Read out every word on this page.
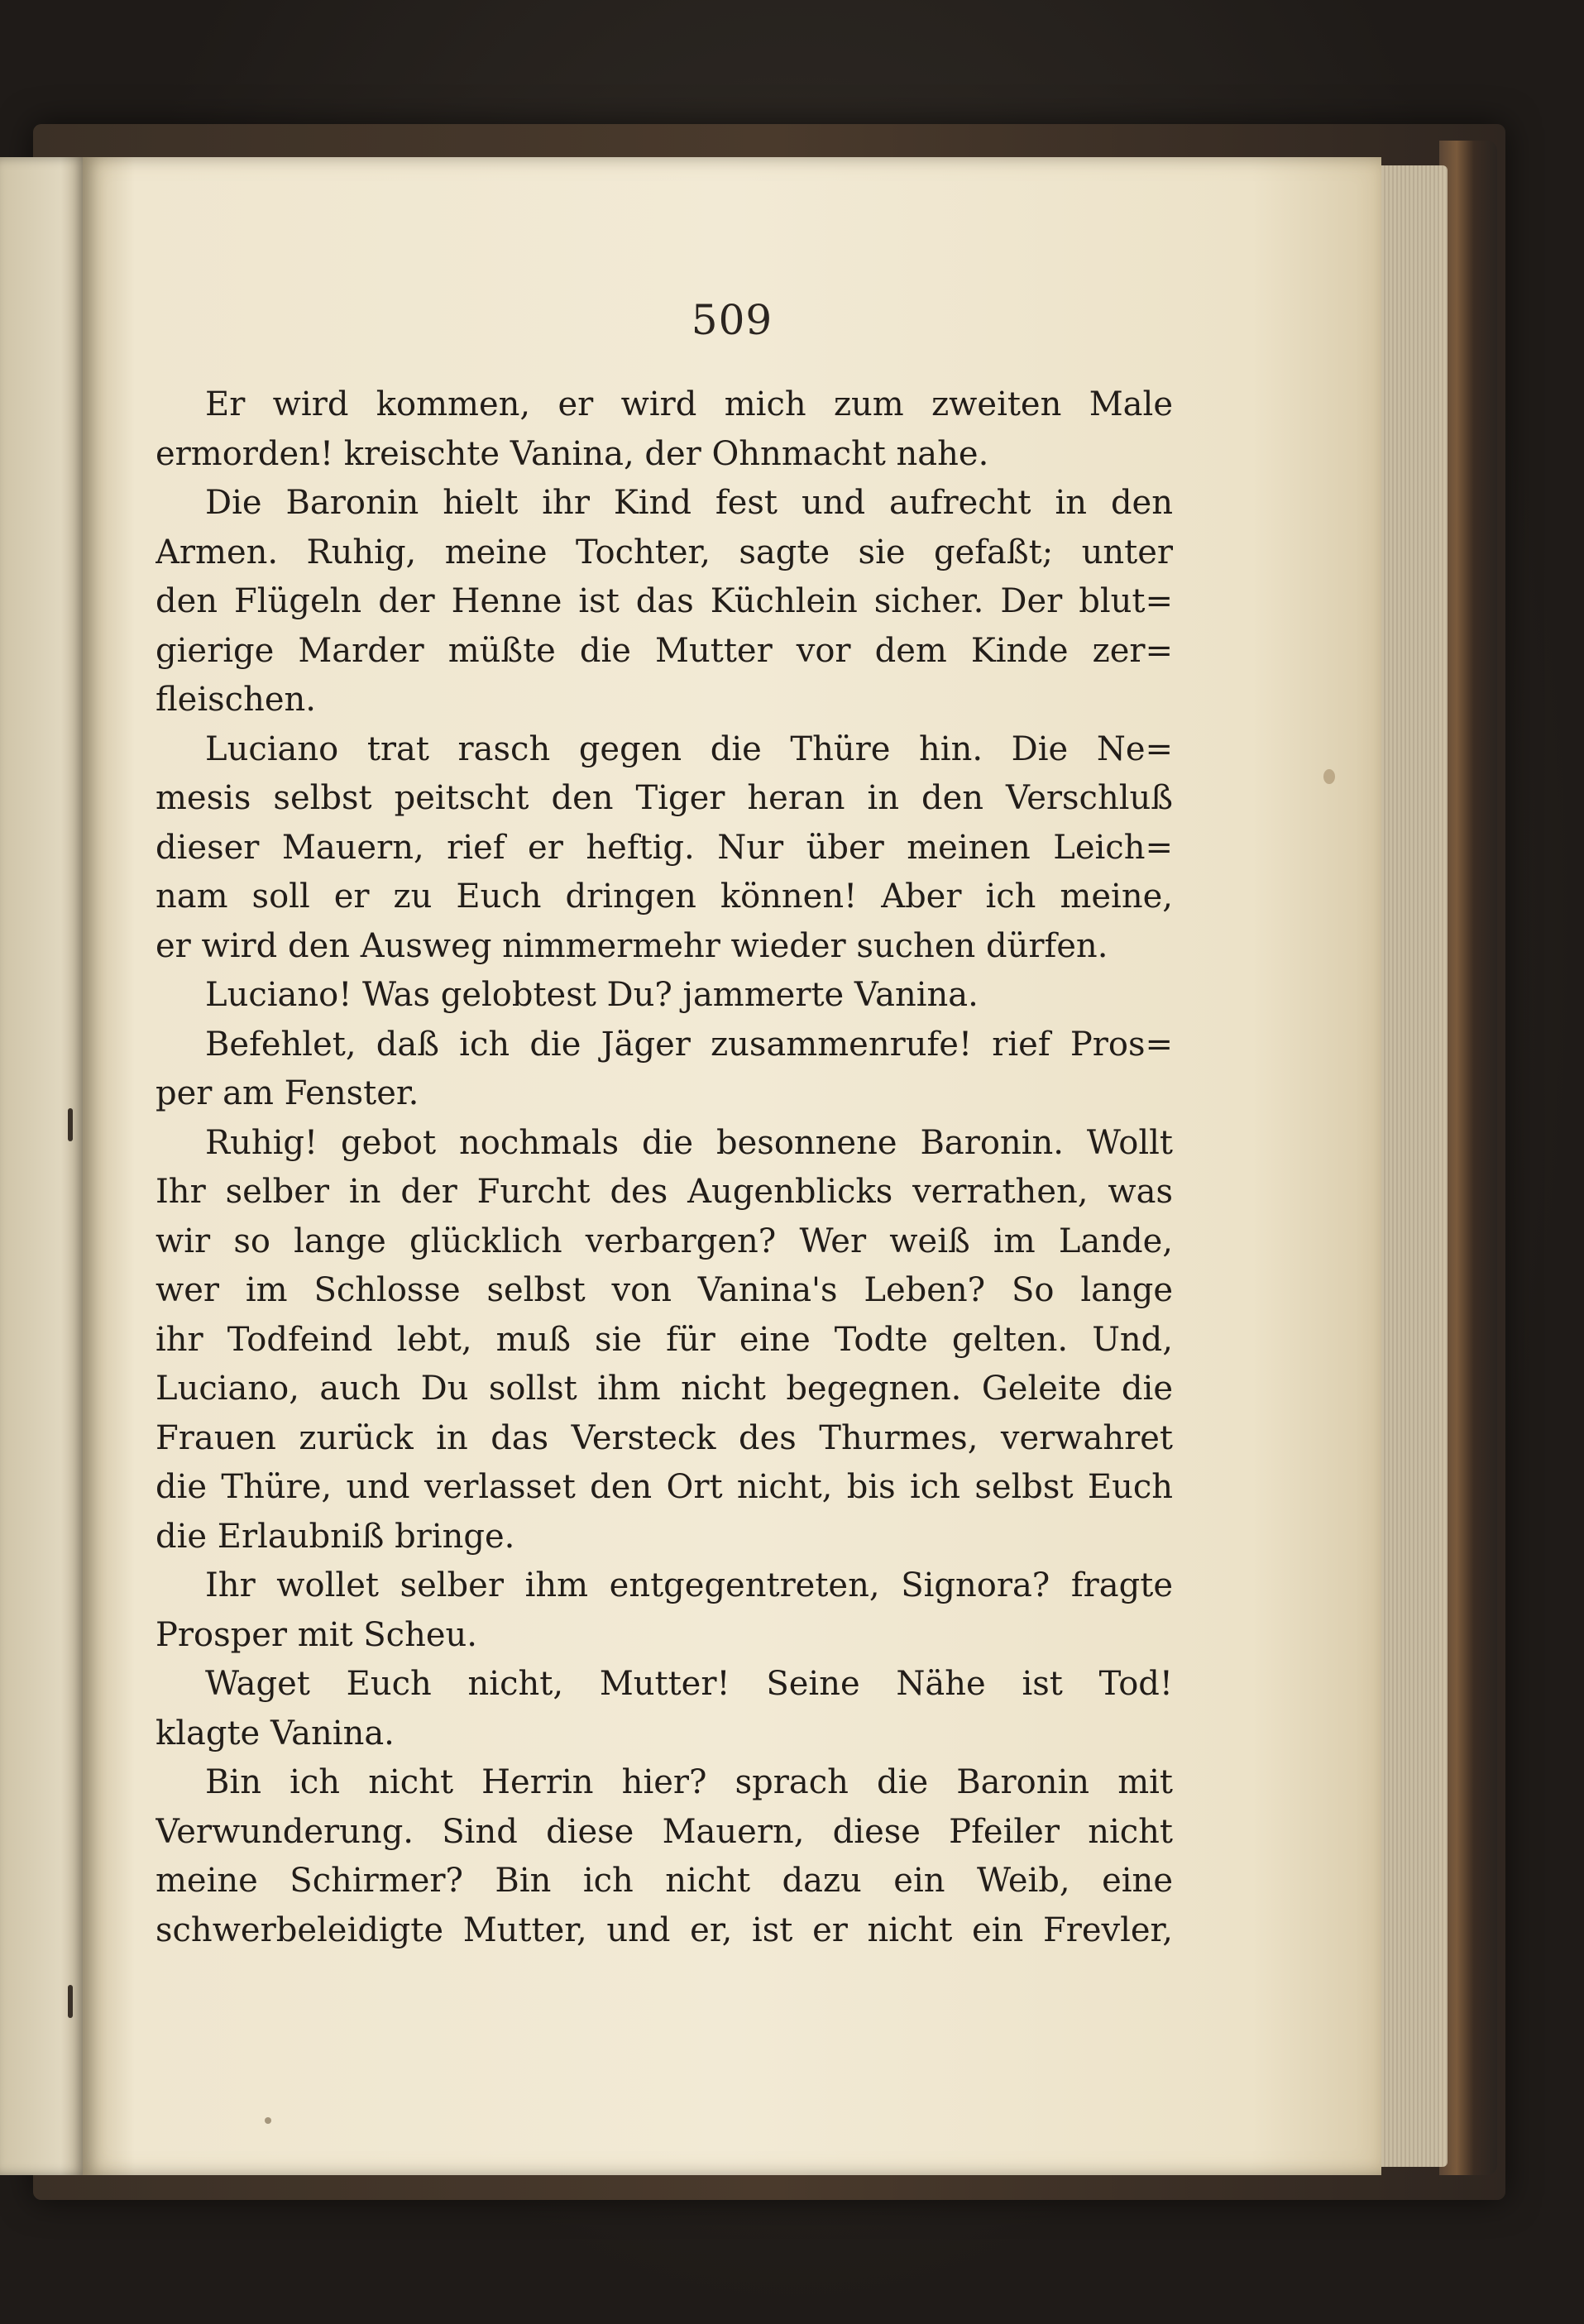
509
Er wird kommen, er wird mich zum zweiten Male
ermorden! kreischte Vanina, der Ohnmacht nahe.
Die Baronin hielt ihr Kind fest und aufrecht in den
Armen. Ruhig, meine Tochter, sagte sie gefaßt; unter
den Flügeln der Henne ist das Küchlein sicher. Der blut=
gierige Marder müßte die Mutter vor dem Kinde zer=
fleischen.
Luciano trat rasch gegen die Thüre hin. Die Ne=
mesis selbst peitscht den Tiger heran in den Verschluß
dieser Mauern, rief er heftig. Nur über meinen Leich=
nam soll er zu Euch dringen können! Aber ich meine,
er wird den Ausweg nimmermehr wieder suchen dürfen.
Luciano! Was gelobtest Du? jammerte Vanina.
Befehlet, daß ich die Jäger zusammenrufe! rief Pros=
per am Fenster.
Ruhig! gebot nochmals die besonnene Baronin. Wollt
Ihr selber in der Furcht des Augenblicks verrathen, was
wir so lange glücklich verbargen? Wer weiß im Lande,
wer im Schlosse selbst von Vanina's Leben? So lange
ihr Todfeind lebt, muß sie für eine Todte gelten. Und,
Luciano, auch Du sollst ihm nicht begegnen. Geleite die
Frauen zurück in das Versteck des Thurmes, verwahret
die Thüre, und verlasset den Ort nicht, bis ich selbst Euch
die Erlaubniß bringe.
Ihr wollet selber ihm entgegentreten, Signora? fragte
Prosper mit Scheu.
Waget Euch nicht, Mutter! Seine Nähe ist Tod!
klagte Vanina.
Bin ich nicht Herrin hier? sprach die Baronin mit
Verwunderung. Sind diese Mauern, diese Pfeiler nicht
meine Schirmer? Bin ich nicht dazu ein Weib, eine
schwerbeleidigte Mutter, und er, ist er nicht ein Frevler,
